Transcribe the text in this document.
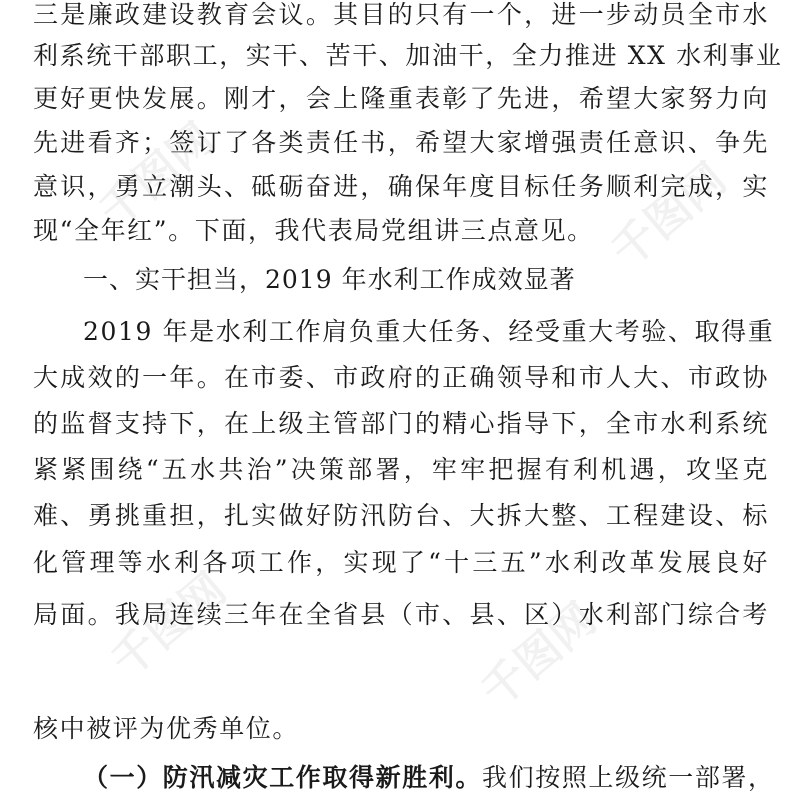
千图网	千图网
千图网	千图网
三是廉政建设教育会议。其目的只有一个，进一步动员全市水
利系统干部职工，实干、苦干、加油干，全力推进 XX 水利事业
更好更快发展。刚才，会上隆重表彰了先进，希望大家努力向
先进看齐；签订了各类责任书，希望大家增强责任意识、争先
意识，勇立潮头、砥砺奋进，确保年度目标任务顺利完成，实
现“全年红”。下面，我代表局党组讲三点意见。
一、实干担当，2019 年水利工作成效显著
2019 年是水利工作肩负重大任务、经受重大考验、取得重
大成效的一年。在市委、市政府的正确领导和市人大、市政协
的监督支持下，在上级主管部门的精心指导下，全市水利系统
紧紧围绕“五水共治”决策部署，牢牢把握有利机遇，攻坚克
难、勇挑重担，扎实做好防汛防台、大拆大整、工程建设、标
化管理等水利各项工作，实现了“十三五”水利改革发展良好
局面。我局连续三年在全省县（市、县、区）水利部门综合考
核中被评为优秀单位。
（一）防汛减灾工作取得新胜利。我们按照上级统一部署，
